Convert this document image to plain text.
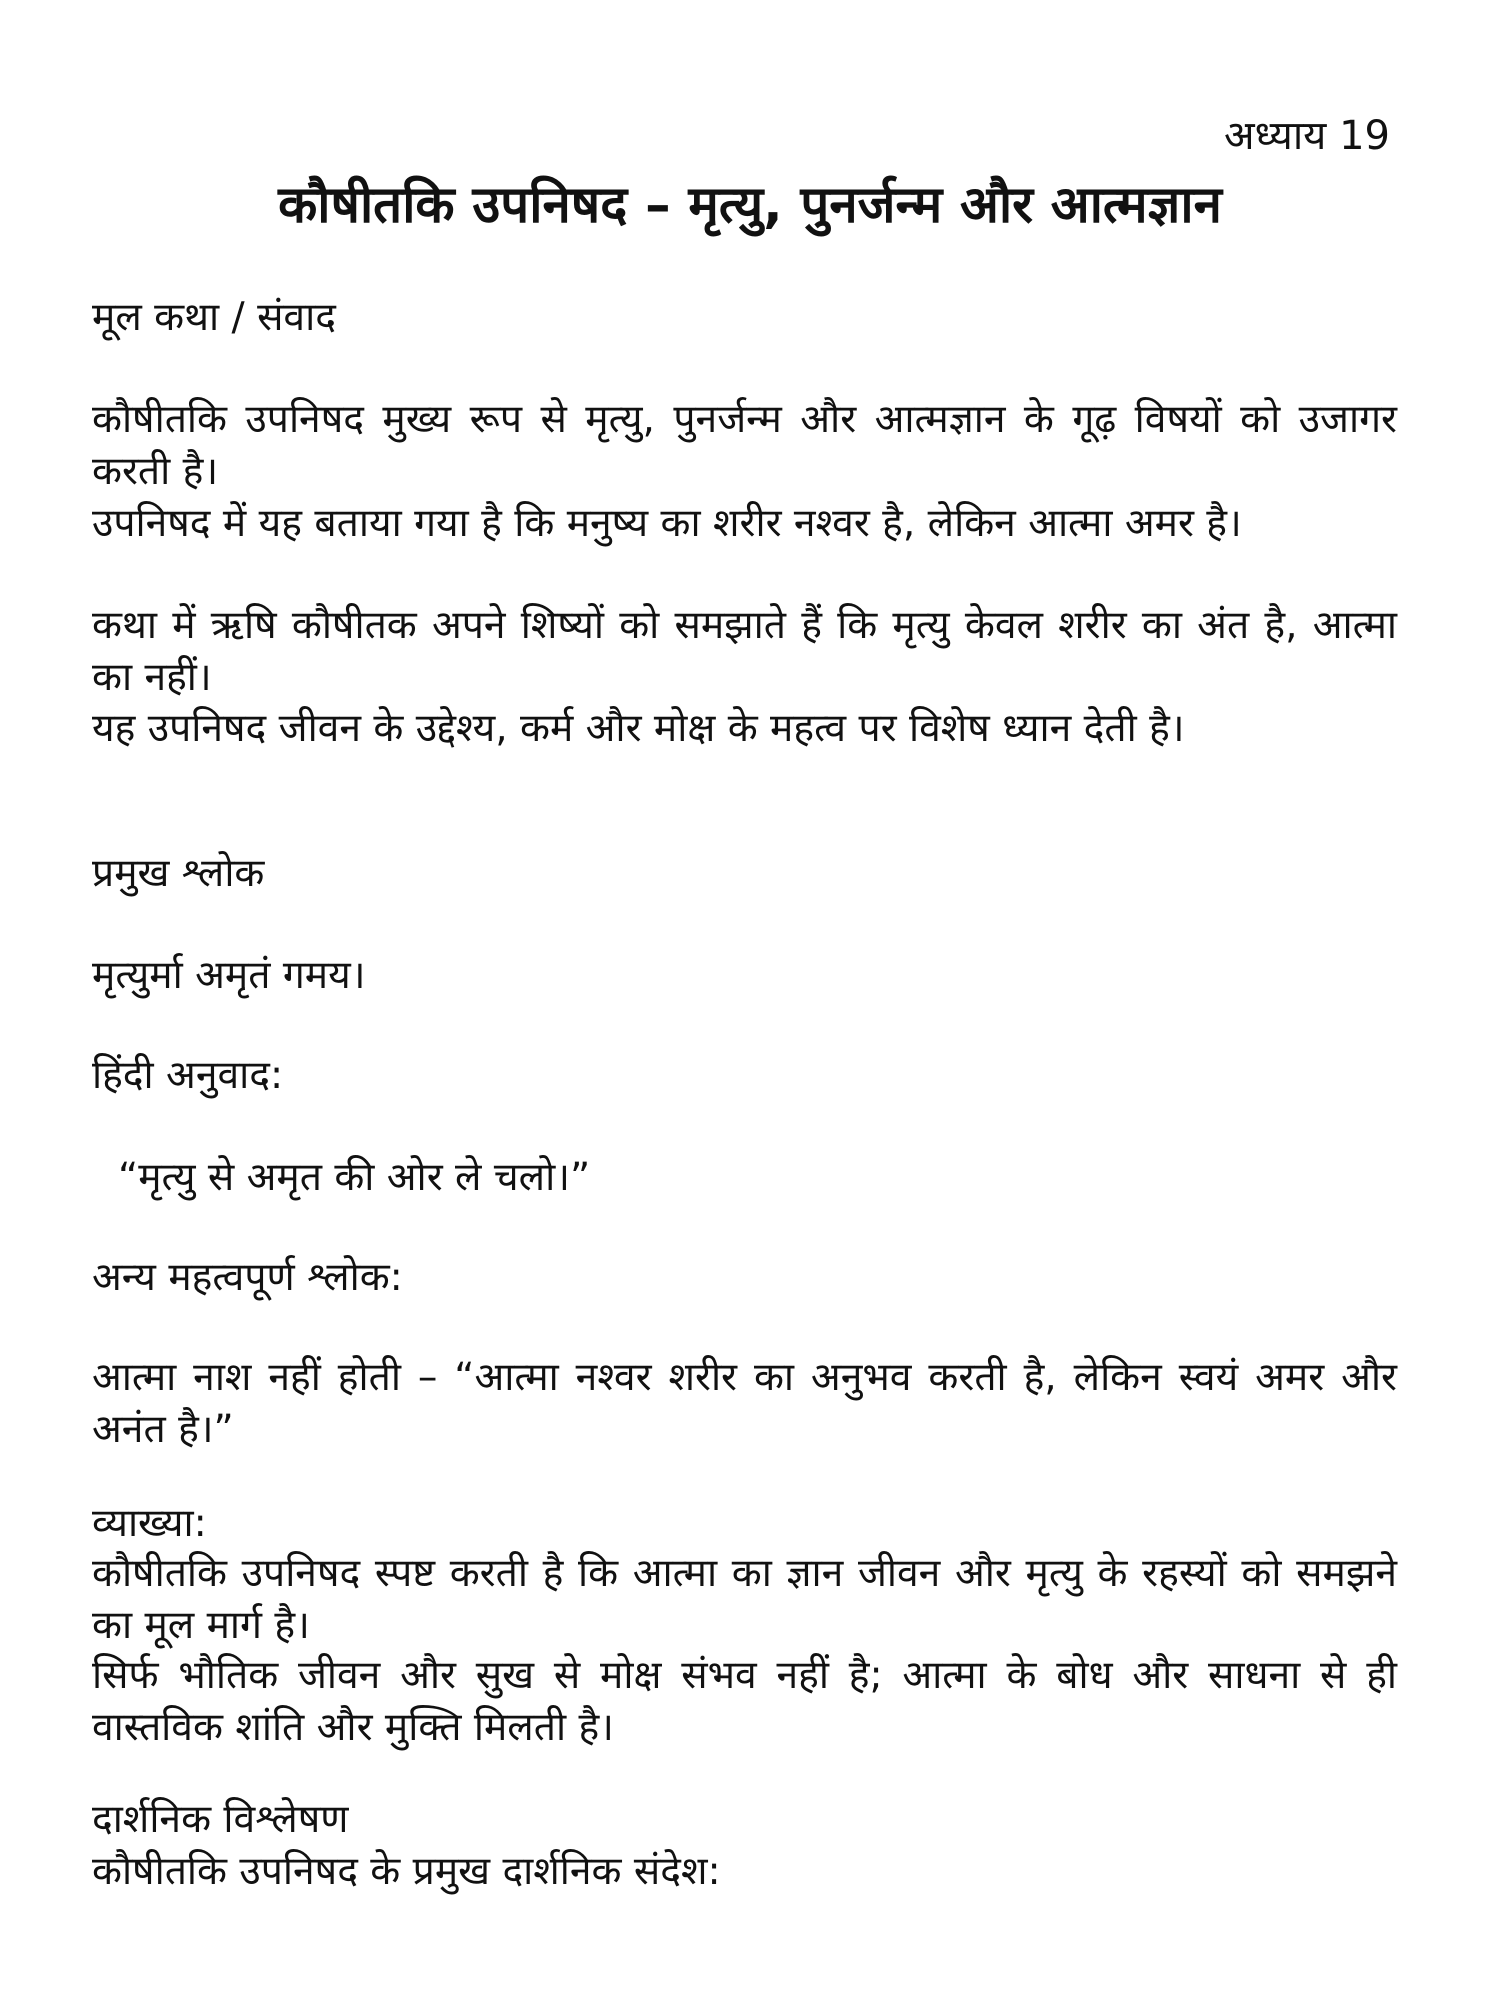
अध्याय 19
कौषीतकि उपनिषद – मृत्यु, पुनर्जन्म और आत्मज्ञान
मूल कथा / संवाद
कौषीतकि उपनिषद मुख्य रूप से मृत्यु, पुनर्जन्म और आत्मज्ञान के गूढ़ विषयों को उजागर करती है।
उपनिषद में यह बताया गया है कि मनुष्य का शरीर नश्वर है, लेकिन आत्मा अमर है।
कथा में ऋषि कौषीतक अपने शिष्यों को समझाते हैं कि मृत्यु केवल शरीर का अंत है, आत्मा का नहीं।
यह उपनिषद जीवन के उद्देश्य, कर्म और मोक्ष के महत्व पर विशेष ध्यान देती है।
प्रमुख श्लोक
मृत्युर्मा अमृतं गमय।
हिंदी अनुवाद:
“मृत्यु से अमृत की ओर ले चलो।”
अन्य महत्वपूर्ण श्लोक:
आत्मा नाश नहीं होती – “आत्मा नश्वर शरीर का अनुभव करती है, लेकिन स्वयं अमर और अनंत है।”
व्याख्या:
कौषीतकि उपनिषद स्पष्ट करती है कि आत्मा का ज्ञान जीवन और मृत्यु के रहस्यों को समझने का मूल मार्ग है।
सिर्फ भौतिक जीवन और सुख से मोक्ष संभव नहीं है; आत्मा के बोध और साधना से ही वास्तविक शांति और मुक्ति मिलती है।
दार्शनिक विश्लेषण
कौषीतकि उपनिषद के प्रमुख दार्शनिक संदेश:
